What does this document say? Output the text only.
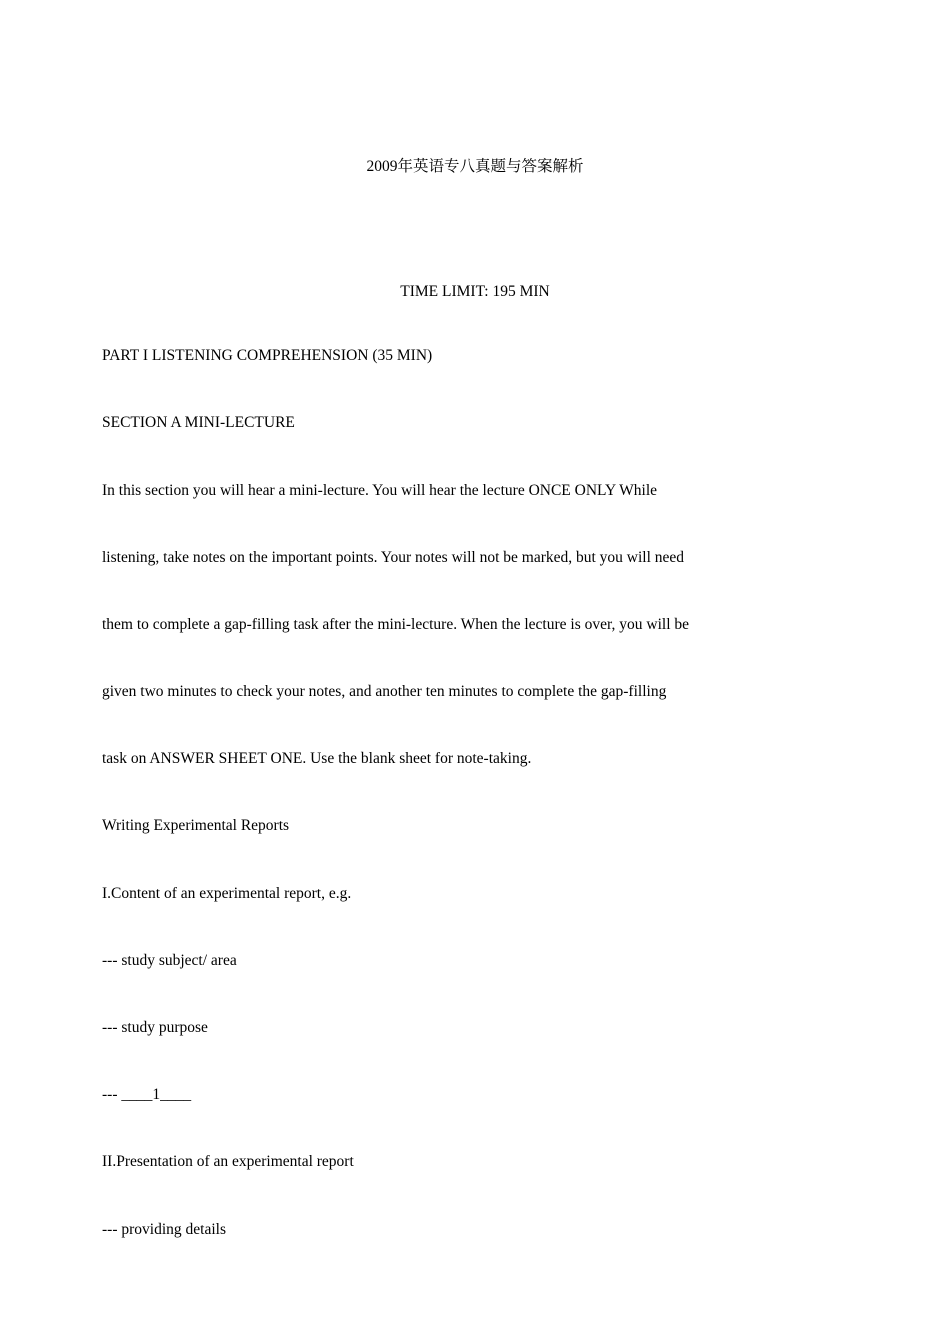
2009年英语专八真题与答案解析
TIME LIMIT: 195 MIN
PART I LISTENING COMPREHENSION (35 MIN)
SECTION A MINI-LECTURE
In this section you will hear a mini-lecture. You will hear the lecture ONCE ONLY While
listening, take notes on the important points. Your notes will not be marked, but you will need
them to complete a gap-filling task after the mini-lecture. When the lecture is over, you will be
given two minutes to check your notes, and another ten minutes to complete the gap-filling
task on ANSWER SHEET ONE. Use the blank sheet for note-taking.
Writing Experimental Reports
I.Content of an experimental report, e.g.
--- study subject/ area
--- study purpose
--- ____1____
II.Presentation of an experimental report
--- providing details
